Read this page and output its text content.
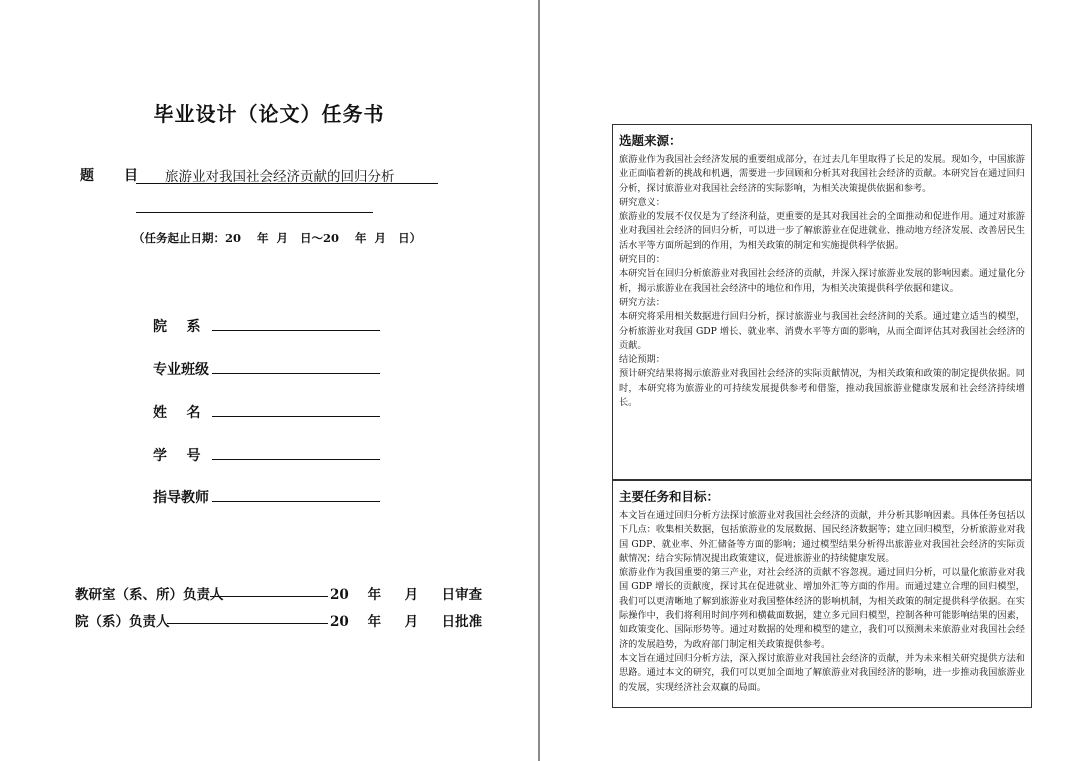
毕业设计（论文）任务书
题 目	旅游业对我国社会经济贡献的回归分析
（任务起止日期：20    年  月   日～20    年  月   日）
院    系
专业班级
姓    名
学    号
指导教师
教研室（系、所）负责人	20    年     月     日审查
院（系）负责人	20    年     月     日批准
选题来源：

旅游业作为我国社会经济发展的重要组成部分，在过去几年里取得了长足的发展。现如今，中国旅游业正面临着新的挑战和机遇，需要进一步回顾和分析其对我国社会经济的贡献。本研究旨在通过回归分析，探讨旅游业对我国社会经济的实际影响，为相关决策提供依据和参考。

研究意义：

旅游业的发展不仅仅是为了经济利益，更重要的是其对我国社会的全面推动和促进作用。通过对旅游业对我国社会经济的回归分析，可以进一步了解旅游业在促进就业、推动地方经济发展、改善居民生活水平等方面所起到的作用，为相关政策的制定和实施提供科学依据。

研究目的：

本研究旨在回归分析旅游业对我国社会经济的贡献，并深入探讨旅游业发展的影响因素。通过量化分析，揭示旅游业在我国社会经济中的地位和作用，为相关决策提供科学依据和建议。

研究方法：

本研究将采用相关数据进行回归分析，探讨旅游业与我国社会经济间的关系。通过建立适当的模型，分析旅游业对我国 GDP 增长、就业率、消费水平等方面的影响，从而全面评估其对我国社会经济的贡献。

结论预期：

预计研究结果将揭示旅游业对我国社会经济的实际贡献情况，为相关政策和政策的制定提供依据。同时，本研究将为旅游业的可持续发展提供参考和借鉴，推动我国旅游业健康发展和社会经济持续增长。

主要任务和目标：

本文旨在通过回归分析方法探讨旅游业对我国社会经济的贡献，并分析其影响因素。具体任务包括以下几点：收集相关数据，包括旅游业的发展数据、国民经济数据等；建立回归模型，分析旅游业对我国 GDP、就业率、外汇储备等方面的影响；通过模型结果分析得出旅游业对我国社会经济的实际贡献情况；结合实际情况提出政策建议，促进旅游业的持续健康发展。

旅游业作为我国重要的第三产业，对社会经济的贡献不容忽视。通过回归分析，可以量化旅游业对我国 GDP 增长的贡献度，探讨其在促进就业、增加外汇等方面的作用。而通过建立合理的回归模型，我们可以更清晰地了解到旅游业对我国整体经济的影响机制，为相关政策的制定提供科学依据。在实际操作中，我们将利用时间序列和横截面数据，建立多元回归模型，控制各种可能影响结果的因素，如政策变化、国际形势等。通过对数据的处理和模型的建立，我们可以预测未来旅游业对我国社会经济的发展趋势，为政府部门制定相关政策提供参考。

本文旨在通过回归分析方法，深入探讨旅游业对我国社会经济的贡献，并为未来相关研究提供方法和思路。通过本文的研究，我们可以更加全面地了解旅游业对我国经济的影响，进一步推动我国旅游业的发展，实现经济社会双赢的局面。
